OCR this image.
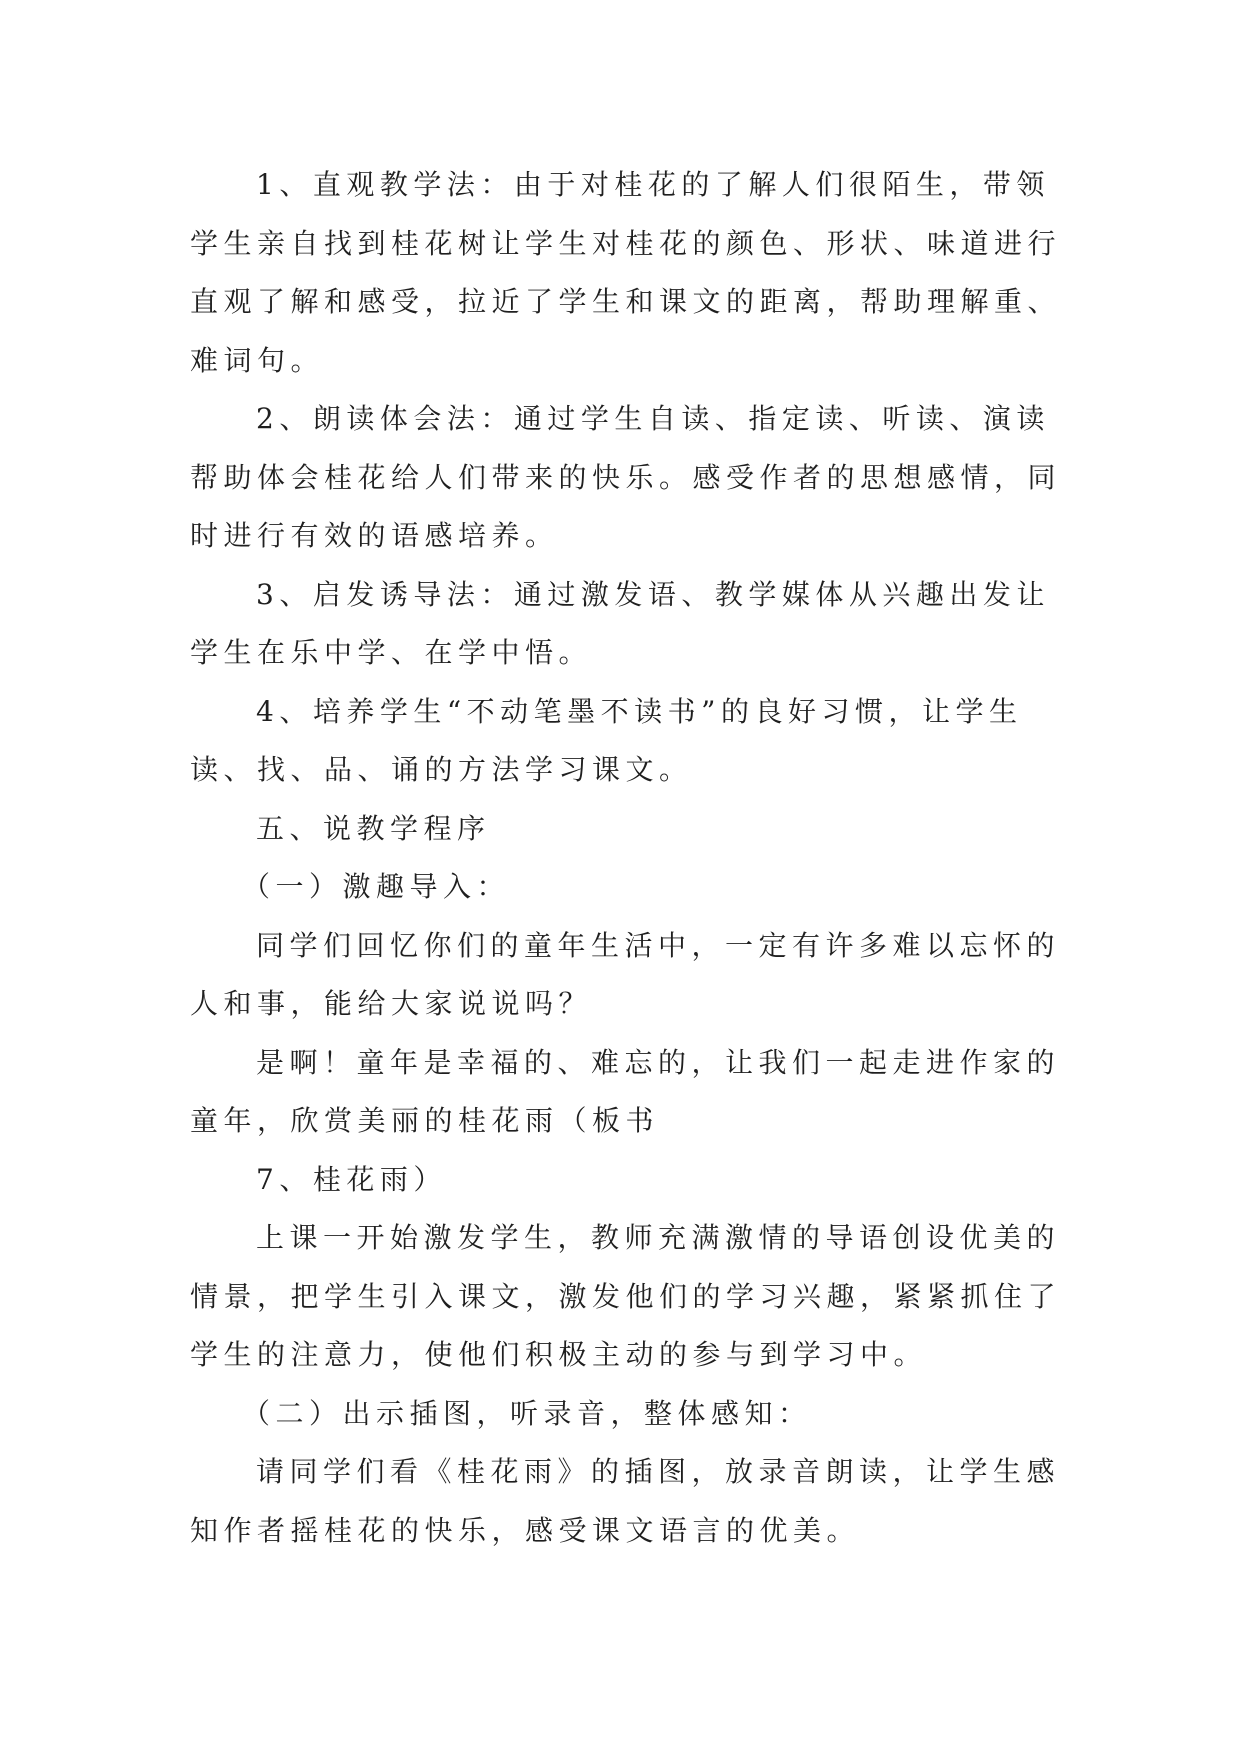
1、直观教学法：由于对桂花的了解人们很陌生，带领学生亲自找到桂花树让学生对桂花的颜色、形状、味道进行直观了解和感受，拉近了学生和课文的距离，帮助理解重、难词句。

2、朗读体会法：通过学生自读、指定读、听读、演读帮助体会桂花给人们带来的快乐。感受作者的思想感情，同时进行有效的语感培养。

3、启发诱导法：通过激发语、教学媒体从兴趣出发让学生在乐中学、在学中悟。

4、培养学生“不动笔墨不读书”的良好习惯，让学生读、找、品、诵的方法学习课文。

五、说教学程序

（一）激趣导入：

同学们回忆你们的童年生活中，一定有许多难以忘怀的人和事，能给大家说说吗？

是啊！童年是幸福的、难忘的，让我们一起走进作家的童年，欣赏美丽的桂花雨（板书

7、桂花雨）

上课一开始激发学生，教师充满激情的导语创设优美的情景，把学生引入课文，激发他们的学习兴趣，紧紧抓住了学生的注意力，使他们积极主动的参与到学习中。

（二）出示插图，听录音，整体感知：

请同学们看《桂花雨》的插图，放录音朗读，让学生感知作者摇桂花的快乐，感受课文语言的优美。
